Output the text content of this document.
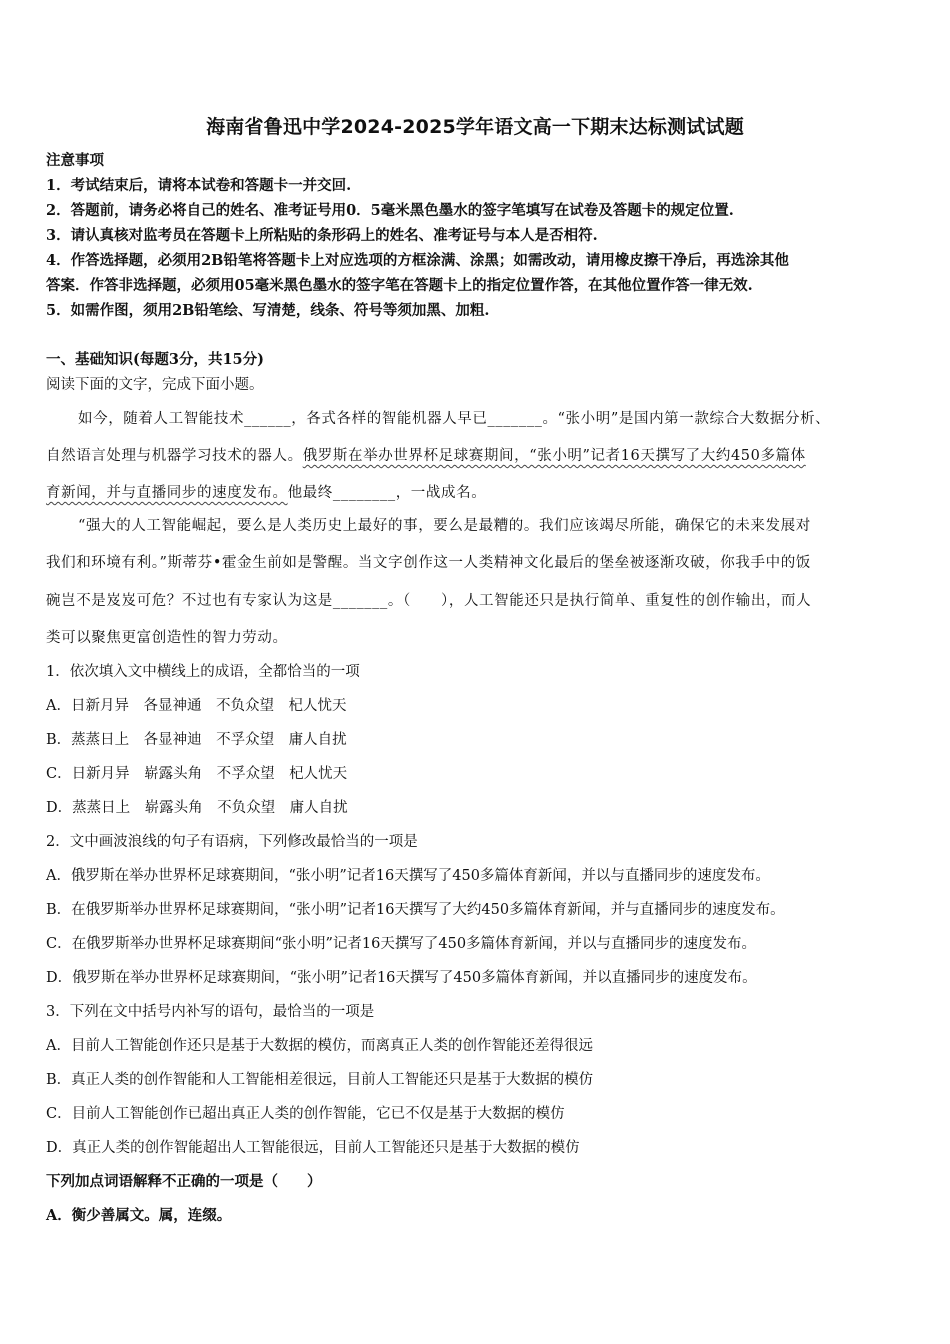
海南省鲁迅中学2024-2025学年语文高一下期末达标测试试题
注意事项
1．考试结束后，请将本试卷和答题卡一并交回.
2．答题前，请务必将自己的姓名、准考证号用0．5毫米黑色墨水的签字笔填写在试卷及答题卡的规定位置.
3．请认真核对监考员在答题卡上所粘贴的条形码上的姓名、准考证号与本人是否相符.
4．作答选择题，必须用2B铅笔将答题卡上对应选项的方框涂满、涂黑；如需改动，请用橡皮擦干净后，再选涂其他
答案．作答非选择题，必须用05毫米黑色墨水的签字笔在答题卡上的指定位置作答，在其他位置作答一律无效.
5．如需作图，须用2B铅笔绘、写清楚，线条、符号等须加黑、加粗.
一、基础知识(每题3分，共15分)
阅读下面的文字，完成下面小题。
如今，随着人工智能技术______，各式各样的智能机器人早已_______。“张小明”是国内第一款综合大数据分析、
自然语言处理与机器学习技术的器人。俄罗斯在举办世界杯足球赛期间，“张小明”记者16天撰写了大约450多篇体
育新闻，并与直播同步的速度发布。他最终________，一战成名。
“强大的人工智能崛起，要么是人类历史上最好的事，要么是最糟的。我们应该竭尽所能，确保它的未来发展对
我们和环境有利。”斯蒂芬•霍金生前如是警醒。当文字创作这一人类精神文化最后的堡垒被逐渐攻破，你我手中的饭
碗岂不是岌岌可危？不过也有专家认为这是_______。（　　），人工智能还只是执行简单、重复性的创作输出，而人
类可以聚焦更富创造性的智力劳动。
1．依次填入文中横线上的成语，全都恰当的一项
A．日新月异　各显神通　不负众望　杞人忧天
B．蒸蒸日上　各显神迪　不孚众望　庸人自扰
C．日新月异　崭露头角　不孚众望　杞人忧天
D．蒸蒸日上　崭露头角　不负众望　庸人自扰
2．文中画波浪线的句子有语病，下列修改最恰当的一项是
A．俄罗斯在举办世界杯足球赛期间，“张小明”记者16天撰写了450多篇体育新闻，并以与直播同步的速度发布。
B．在俄罗斯举办世界杯足球赛期间，“张小明”记者16天撰写了大约450多篇体育新闻，并与直播同步的速度发布。
C．在俄罗斯举办世界杯足球赛期间“张小明”记者16天撰写了450多篇体育新闻，并以与直播同步的速度发布。
D．俄罗斯在举办世界杯足球赛期间，“张小明”记者16天撰写了450多篇体育新闻，并以直播同步的速度发布。
3．下列在文中括号内补写的语句，最恰当的一项是
A．目前人工智能创作还只是基于大数据的模仿，而离真正人类的创作智能还差得很远
B．真正人类的创作智能和人工智能相差很远，目前人工智能还只是基于大数据的模仿
C．目前人工智能创作已超出真正人类的创作智能，它已不仅是基于大数据的模仿
D．真正人类的创作智能超出人工智能很远，目前人工智能还只是基于大数据的模仿
下列加点词语解释不正确的一项是（　　）
A．衡少善属文。属，连缀。
